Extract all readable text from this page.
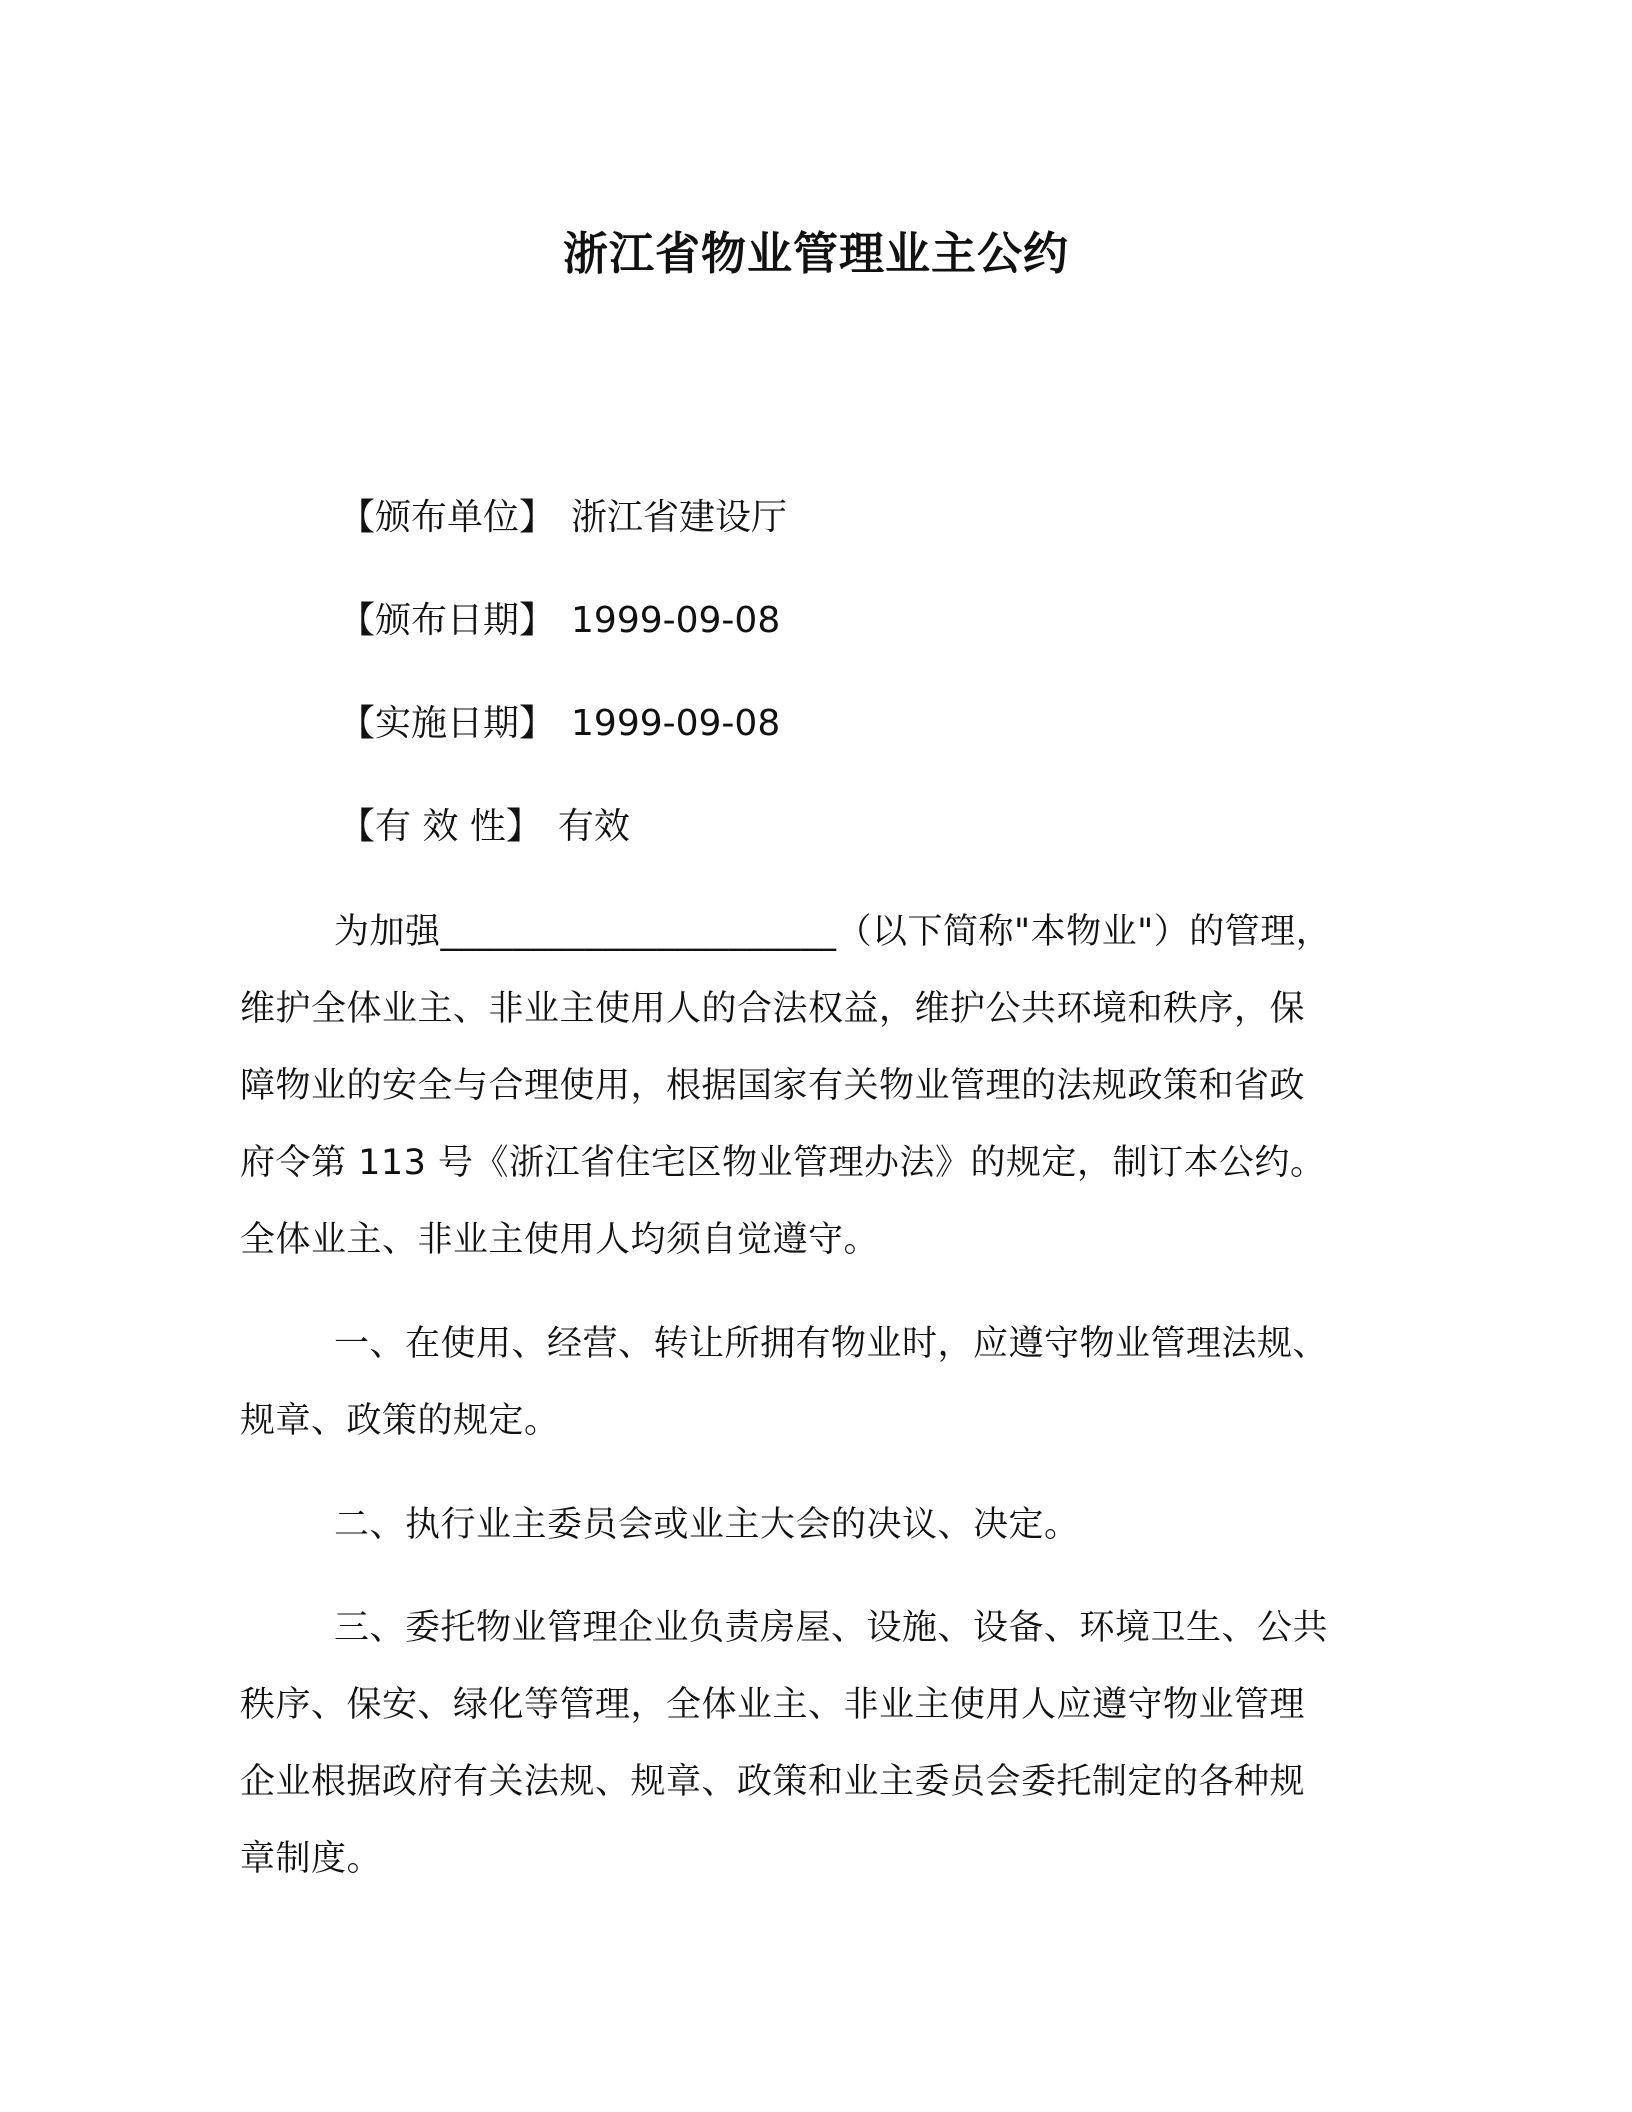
浙江省物业管理业主公约
【颁布单位】 浙江省建设厅
【颁布日期】 1999-09-08
【实施日期】 1999-09-08
【有 效 性】 有效
为加强______________________（以下简称"本物业"）的管理，
维护全体业主、非业主使用人的合法权益，维护公共环境和秩序，保
障物业的安全与合理使用，根据国家有关物业管理的法规政策和省政
府令第 113 号《浙江省住宅区物业管理办法》的规定，制订本公约。
全体业主、非业主使用人均须自觉遵守。
一、在使用、经营、转让所拥有物业时，应遵守物业管理法规、
规章、政策的规定。
二、执行业主委员会或业主大会的决议、决定。
三、委托物业管理企业负责房屋、设施、设备、环境卫生、公共
秩序、保安、绿化等管理，全体业主、非业主使用人应遵守物业管理
企业根据政府有关法规、规章、政策和业主委员会委托制定的各种规
章制度。
